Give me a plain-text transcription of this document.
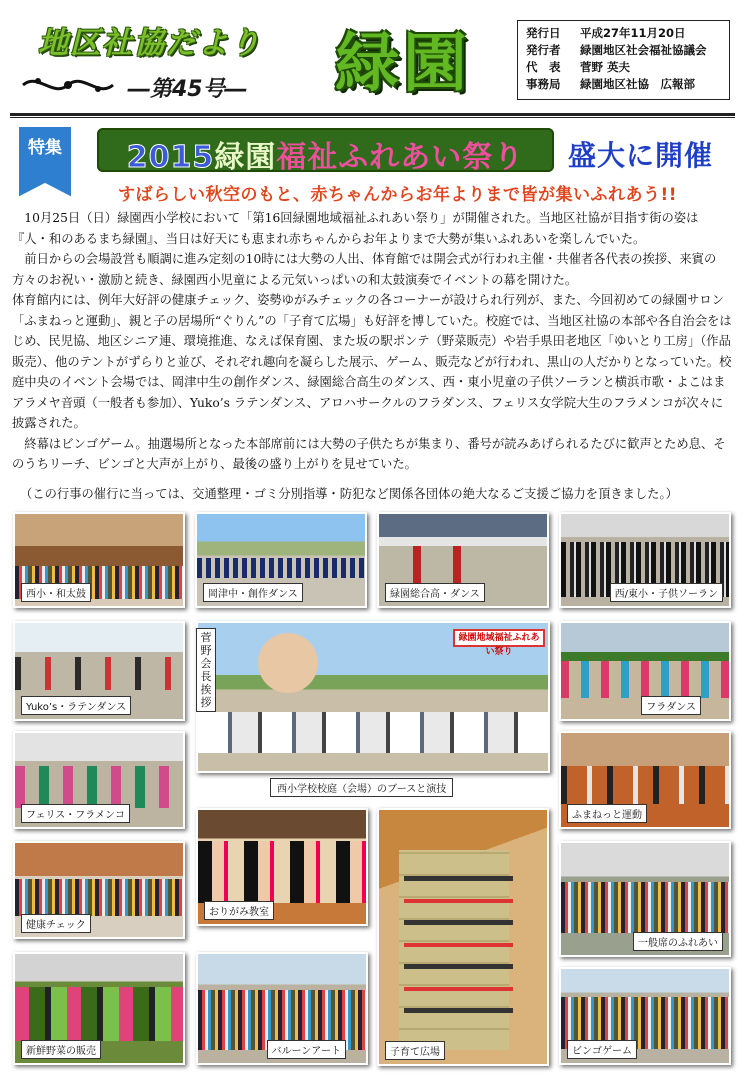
地区社協だより
―第45号― 緑園	発行日	平成27年11月20日
発行者	緑園地区社会福祉協議会
代　表	菅野 英夫
事務局	緑園地区社協　広報部
特集	2015緑園福祉ふれあい祭り	盛大に開催
すばらしい秋空のもと、赤ちゃんからお年よりまで皆が集いふれあう!!

10月25日（日）緑園西小学校において「第16回緑園地域福祉ふれあい祭り」が開催された。当地区社協が目指す街の姿は『人・和のあるまち緑園』、当日は好天にも恵まれ赤ちゃんからお年よりまで大勢が集いふれあいを楽しんでいた。

前日からの会場設営も順調に進み定刻の10時には大勢の人出、体育館では開会式が行われ主催・共催者各代表の挨拶、来賓の方々のお祝い・激励と続き、緑園西小児童による元気いっぱいの和太鼓演奏でイベントの幕を開けた。

体育館内には、例年大好評の健康チェック、姿勢ゆがみチェックの各コーナーが設けられ行列が、また、今回初めての緑園サロン「ふまねっと運動」、親と子の居場所“ぐりん”の「子育て広場」も好評を博していた。校庭では、当地区社協の本部や各自治会をはじめ、民児協、地区シニア連、環境推進、なえば保育園、また坂の駅ポンテ（野菜販売）や岩手県田老地区「ゆいとり工房」（作品販売）、他のテントがずらりと並び、それぞれ趣向を凝らした展示、ゲーム、販売などが行われ、黒山の人だかりとなっていた。校庭中央のイベント会場では、岡津中生の創作ダンス、緑園総合高生のダンス、西・東小児童の子供ソーランと横浜市歌・よこはまアラメヤ音頭（一般者も参加）、Yuko’s ラテンダンス、アロハサークルのフラダンス、フェリス女学院大生のフラメンコが次々に披露された。

終幕はビンゴゲーム。抽選場所となった本部席前には大勢の子供たちが集まり、番号が読みあげられるたびに歓声とため息、そのうちリーチ、ビンゴと大声が上がり、最後の盛り上がりを見せていた。

（この行事の催行に当っては、交通整理・ゴミ分別指導・防犯など関係各団体の絶大なるご支援ご協力を頂きました。）
西小・和太鼓	岡津中・創作ダンス	緑園総合高・ダンス	西/東小・子供ソーラン
Yuko’s・ラテンダンス
緑園地域福祉ふれあい祭り
菅野会長挨拶
西小学校校庭（会場）のブースと演技
フラダンス
フェリス・フラメンコ	ふまねっと運動
健康チェック
おりがみ教室
子育て広場
一般席のふれあい
新鮮野菜の販売	バルーンアート	ビンゴゲーム
